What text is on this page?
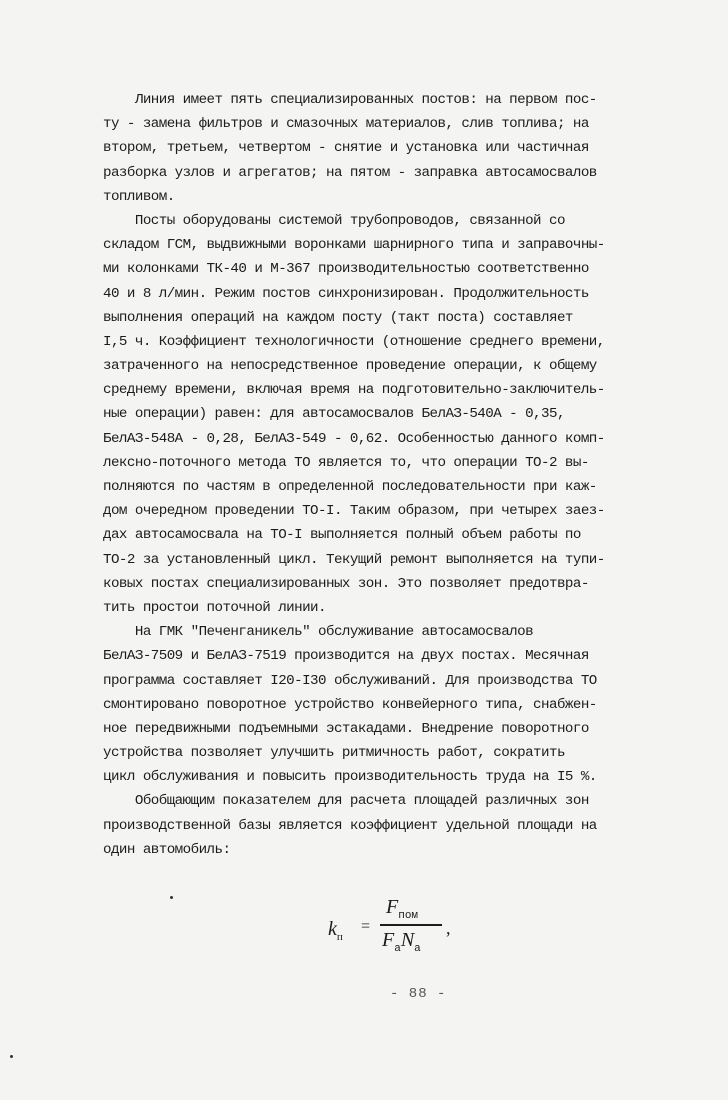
Линия имеет пять специализированных постов: на первом пос-
ту - замена фильтров и смазочных материалов, слив топлива; на
втором, третьем, четвертом - снятие и установка или частичная
разборка узлов и агрегатов; на пятом - заправка автосамосвалов
топливом.
Посты оборудованы системой трубопроводов, связанной со
складом ГСМ, выдвижными воронками шарнирного типа и заправочны-
ми колонками ТК-40 и М-367 производительностью соответственно
40 и 8 л/мин. Режим постов синхронизирован. Продолжительность
выполнения операций на каждом посту (такт поста) составляет
I,5 ч. Коэффициент технологичности (отношение среднего времени,
затраченного на непосредственное проведение операции, к общему
среднему времени, включая время на подготовительно-заключитель-
ные операции) равен: для автосамосвалов БелАЗ-540А - 0,35,
БелАЗ-548А - 0,28, БелАЗ-549 - 0,62. Особенностью данного комп-
лексно-поточного метода ТО является то, что операции ТО-2 вы-
полняются по частям в определенной последовательности при каж-
дом очередном проведении ТО-I. Таким образом, при четырех заез-
дах автосамосвала на ТО-I выполняется полный объем работы по
ТО-2 за установленный цикл. Текущий ремонт выполняется на тупи-
ковых постах специализированных зон. Это позволяет предотвра-
тить простои поточной линии.
На ГМК "Печенганикель" обслуживание автосамосвалов
БелАЗ-7509 и БелАЗ-7519 производится на двух постах. Месячная
программа составляет I20-I30 обслуживаний. Для производства ТО
смонтировано поворотное устройство конвейерного типа, снабжен-
ное передвижными подъемными эстакадами. Внедрение поворотного
устройства позволяет улучшить ритмичность работ, сократить
цикл обслуживания и повысить производительность труда на I5 %.
Обобщающим показателем для расчета площадей различных зон
производственной базы является коэффициент удельной площади на
один автомобиль:
$k_п$
=
$F_{пом}$
$F_aN_a$
,
- 88 -
